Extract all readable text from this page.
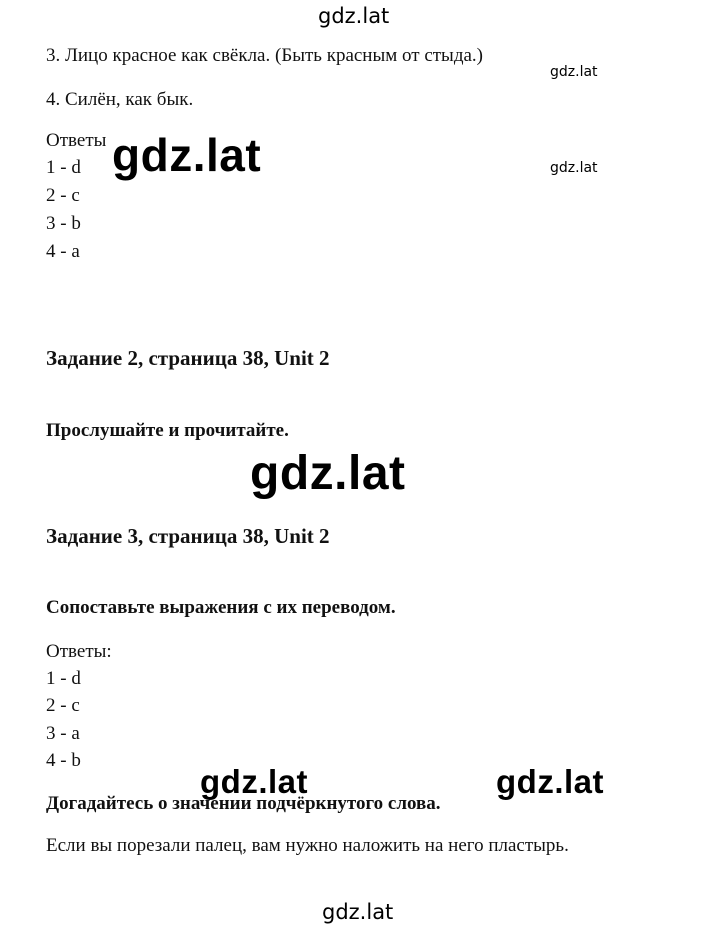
gdz.lat
3. Лицо красное как свёкла. (Быть красным от стыда.)
gdz.lat
4. Силён, как бык.
Ответы
1 - d
2 - c
3 - b
4 - a
gdz.lat	gdz.lat
Задание 2, страница 38, Unit 2
Прослушайте и прочитайте.
gdz.lat
Задание 3, страница 38, Unit 2
Сопоставьте выражения с их переводом.
Ответы:
1 - d
2 - c
3 - a
4 - b
gdz.lat	gdz.lat
Догадайтесь о значении подчёркнутого слова.
Если вы порезали палец, вам нужно наложить на него пластырь.
gdz.lat
